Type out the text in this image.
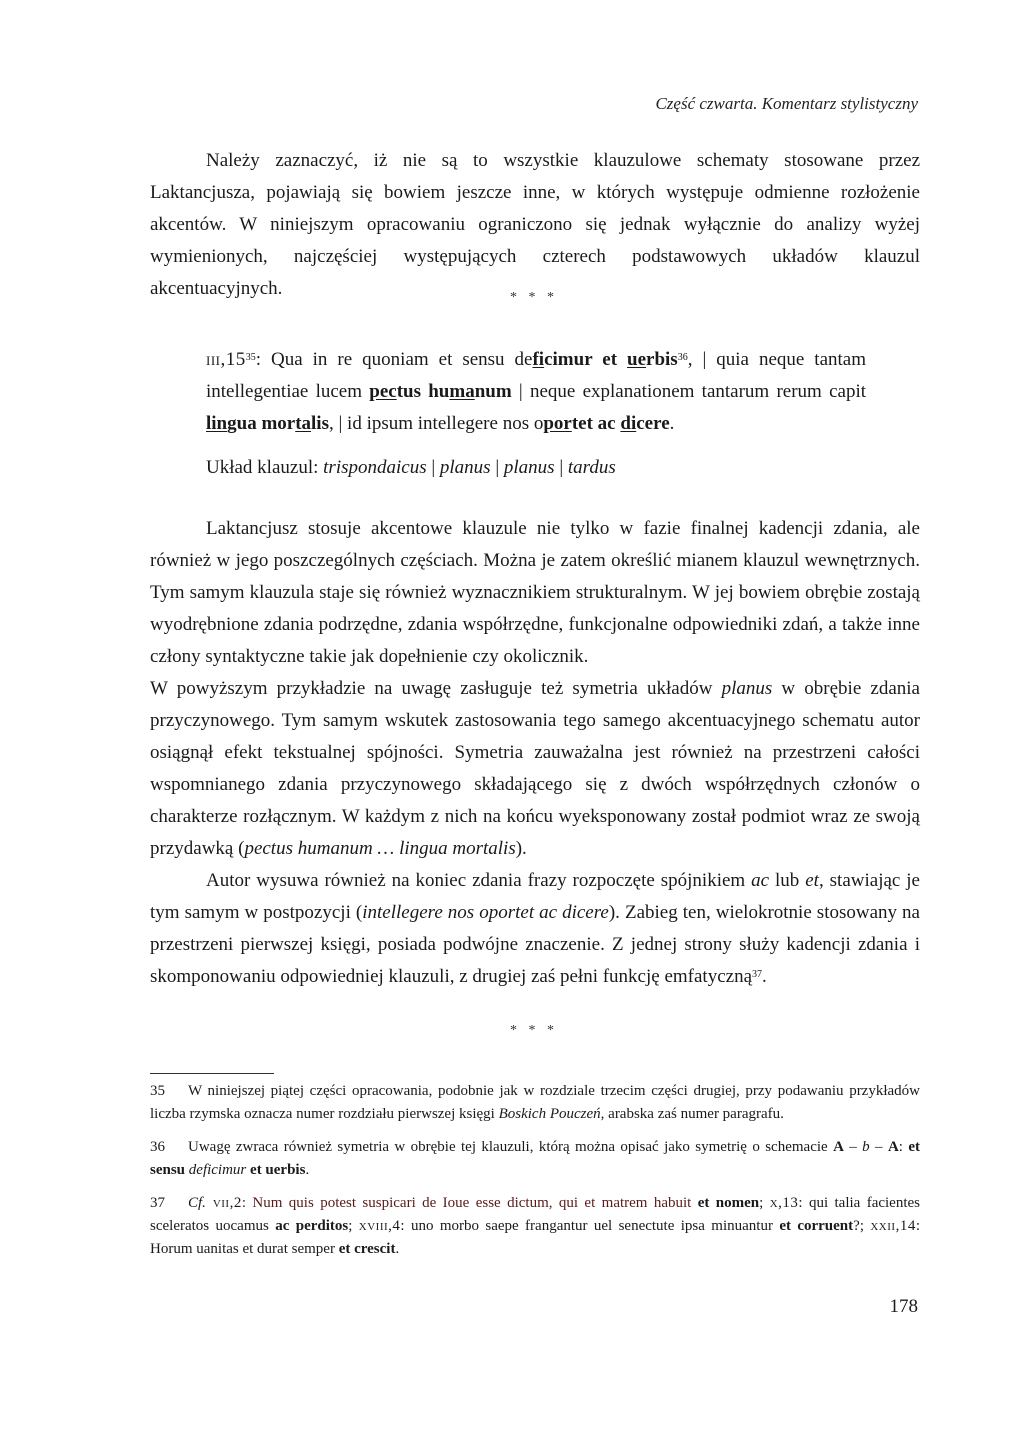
Część czwarta. Komentarz stylistyczny

Należy zaznaczyć, iż nie są to wszystkie klauzulowe schematy stosowane przez Laktancjusza, pojawiają się bowiem jeszcze inne, w których występuje odmienne rozłożenie akcentów. W niniejszym opracowaniu ograniczono się jednak wyłącznie do analizy wyżej wymienionych, najczęściej występujących czterech podstawowych układów klauzul akcentuacyjnych.	* * *

$iii,15^{35}$: Qua in re quoniam et sensu deficimur et uerbis$^{36}$, | quia neque tantam intellegentiae lucem pectus humanum | neque explanationem tantarum rerum capit lingua mortalis, | id ipsum intellegere nos oportet ac dicere.

Układ klauzul: trispondaicus | planus | planus | tardus

Laktancjusz stosuje akcentowe klauzule nie tylko w fazie finalnej kadencji zdania, ale również w jego poszczególnych częściach. Można je zatem określić mianem klauzul wewnętrznych. Tym samym klauzula staje się również wyznacznikiem strukturalnym. W jej bowiem obrębie zostają wyodrębnione zdania podrzędne, zdania współrzędne, funkcjonalne odpowiedniki zdań, a także inne człony syntaktyczne takie jak dopełnienie czy okolicznik.

W powyższym przykładzie na uwagę zasługuje też symetria układów planus w obrębie zdania przyczynowego. Tym samym wskutek zastosowania tego samego akcentuacyjnego schematu autor osiągnął efekt tekstualnej spójności. Symetria zauważalna jest również na przestrzeni całości wspomnianego zdania przyczynowego składającego się z dwóch współrzędnych członów o charakterze rozłącznym. W każdym z nich na końcu wyeksponowany został podmiot wraz ze swoją przydawką (pectus humanum … lingua mortalis).

Autor wysuwa również na koniec zdania frazy rozpoczęte spójnikiem ac lub et, stawiając je tym samym w postpozycji (intellegere nos oportet ac dicere). Zabieg ten, wielokrotnie stosowany na przestrzeni pierwszej księgi, posiada podwójne znaczenie. Z jednej strony służy kadencji zdania i skomponowaniu odpowiedniej klauzuli, z drugiej zaś pełni funkcję emfatyczną$^{37}$.

* * *

35 W niniejszej piątej części opracowania, podobnie jak w rozdziale trzecim części drugiej, przy podawaniu przykładów liczba rzymska oznacza numer rozdziału pierwszej księgi Boskich Pouczeń, arabska zaś numer paragrafu.

36 Uwagę zwraca również symetria w obrębie tej klauzuli, którą można opisać jako symetrię o schemacie A – b – A: et sensu deficimur et uerbis.

37 Cf. vii,2: Num quis potest suspicari de Ioue esse dictum, qui et matrem habuit et nomen; x,13: qui talia facientes sceleratos uocamus ac perditos; xviii,4: uno morbo saepe frangantur uel senectute ipsa minuantur et corruent?; xxii,14: Horum uanitas et durat semper et crescit.

178
